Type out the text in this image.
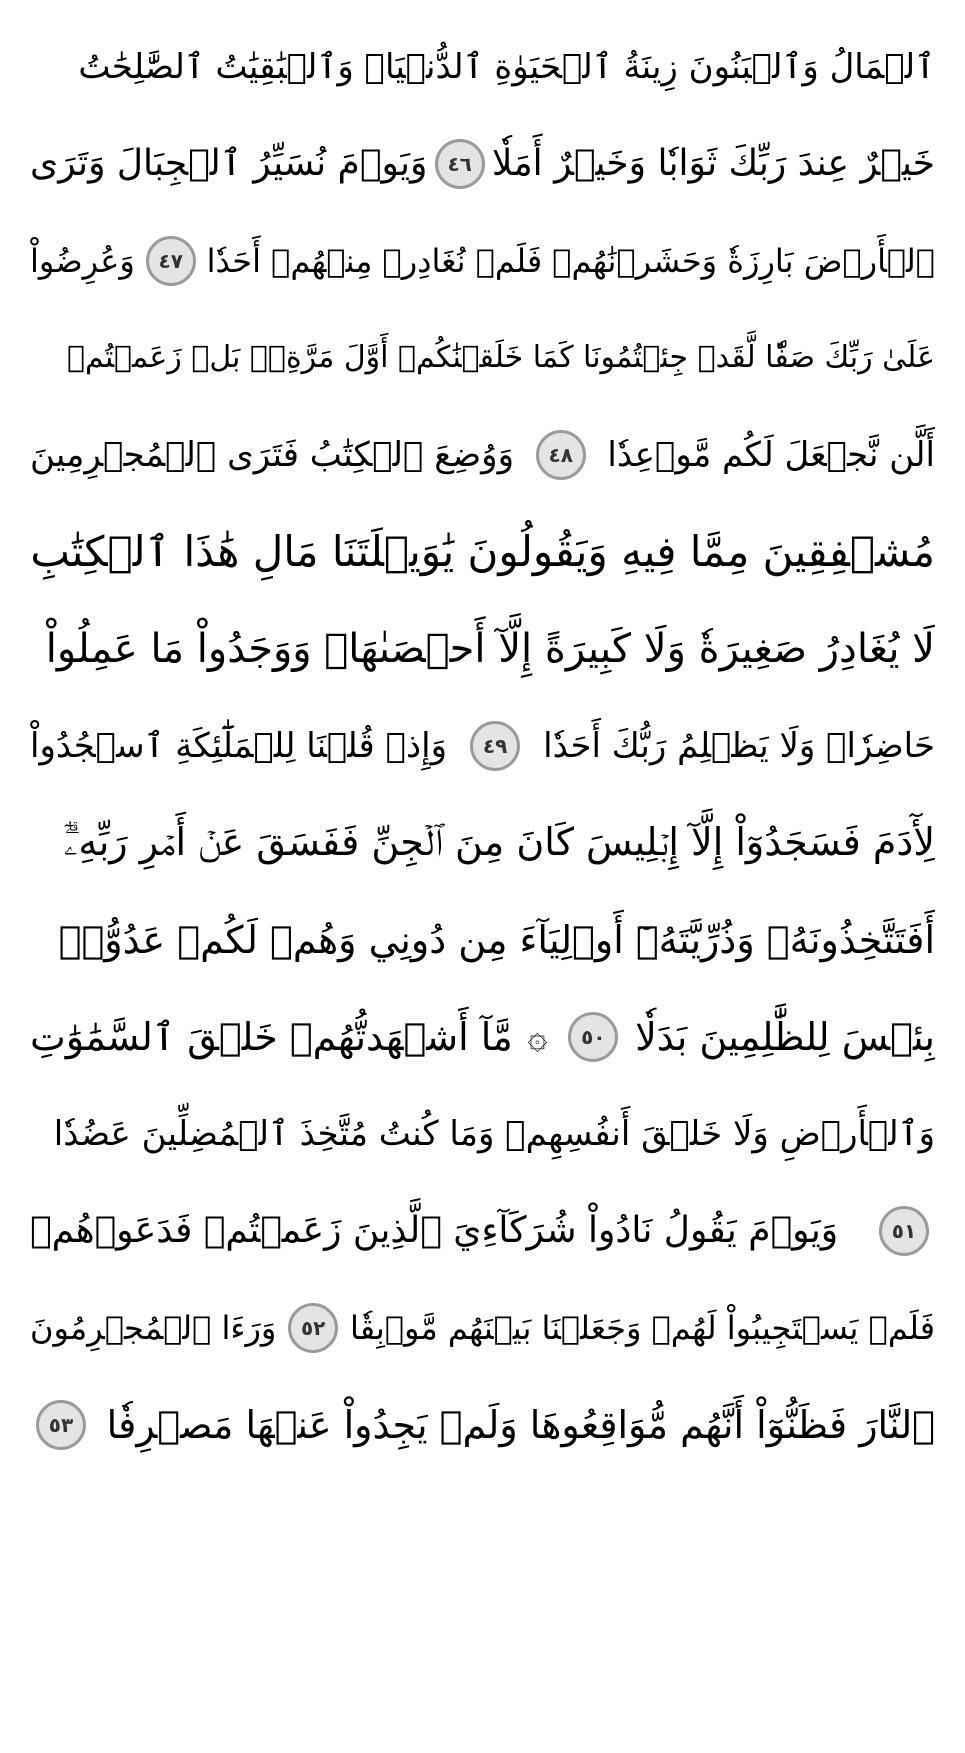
ٱلۡمَالُ وَٱلۡبَنُونَ زِينَةُ ٱلۡحَيَوٰةِ ٱلدُّنۡيَاۖ وَٱلۡبَٰقِيَٰتُ ٱلصَّٰلِحَٰتُ
خَيۡرٌ عِندَ رَبِّكَ ثَوَابٗا وَخَيۡرٌ أَمَلٗا
٤٦
وَيَوۡمَ نُسَيِّرُ ٱلۡجِبَالَ وَتَرَى
ٱلۡأَرۡضَ بَارِزَةٗ وَحَشَرۡنَٰهُمۡ فَلَمۡ نُغَادِرۡ مِنۡهُمۡ أَحَدٗا
٤٧
وَعُرِضُواْ
عَلَىٰ رَبِّكَ صَفّٗا لَّقَدۡ جِئۡتُمُونَا كَمَا خَلَقۡنَٰكُمۡ أَوَّلَ مَرَّةِۭۚ بَلۡ زَعَمۡتُمۡ
أَلَّن نَّجۡعَلَ لَكُم مَّوۡعِدٗا
٤٨
وَوُضِعَ ٱلۡكِتَٰبُ فَتَرَى ٱلۡمُجۡرِمِينَ
مُشۡفِقِينَ مِمَّا فِيهِ وَيَقُولُونَ يَٰوَيۡلَتَنَا مَالِ هَٰذَا ٱلۡكِتَٰبِ
لَا يُغَادِرُ صَغِيرَةٗ وَلَا كَبِيرَةً إِلَّآ أَحۡصَىٰهَاۚ وَوَجَدُواْ مَا عَمِلُواْ
حَاضِرٗاۗ وَلَا يَظۡلِمُ رَبُّكَ أَحَدٗا
٤٩
وَإِذۡ قُلۡنَا لِلۡمَلَٰٓئِكَةِ ٱسۡجُدُواْ
لِأٓدَمَ فَسَجَدُوٓاْ إِلَّآ إِبۡلِيسَ كَانَ مِنَ ٱلۡجِنِّ فَفَسَقَ عَنۡ أَمۡرِ رَبِّهِۦٓۗ
أَفَتَتَّخِذُونَهُۥ وَذُرِّيَّتَهُۥٓ أَوۡلِيَآءَ مِن دُونِي وَهُمۡ لَكُمۡ عَدُوُّۢۚ
بِئۡسَ لِلظَّٰلِمِينَ بَدَلٗا
٥٠
۞
مَّآ أَشۡهَدتُّهُمۡ خَلۡقَ ٱلسَّمَٰوَٰتِ
وَٱلۡأَرۡضِ وَلَا خَلۡقَ أَنفُسِهِمۡ وَمَا كُنتُ مُتَّخِذَ ٱلۡمُضِلِّينَ عَضُدٗا
٥١
وَيَوۡمَ يَقُولُ نَادُواْ شُرَكَآءِيَ ٱلَّذِينَ زَعَمۡتُمۡ فَدَعَوۡهُمۡ
فَلَمۡ يَسۡتَجِيبُواْ لَهُمۡ وَجَعَلۡنَا بَيۡنَهُم مَّوۡبِقٗا
٥٢
وَرَءَا ٱلۡمُجۡرِمُونَ
ٱلنَّارَ فَظَنُّوٓاْ أَنَّهُم مُّوَاقِعُوهَا وَلَمۡ يَجِدُواْ عَنۡهَا مَصۡرِفٗا
٥٣
